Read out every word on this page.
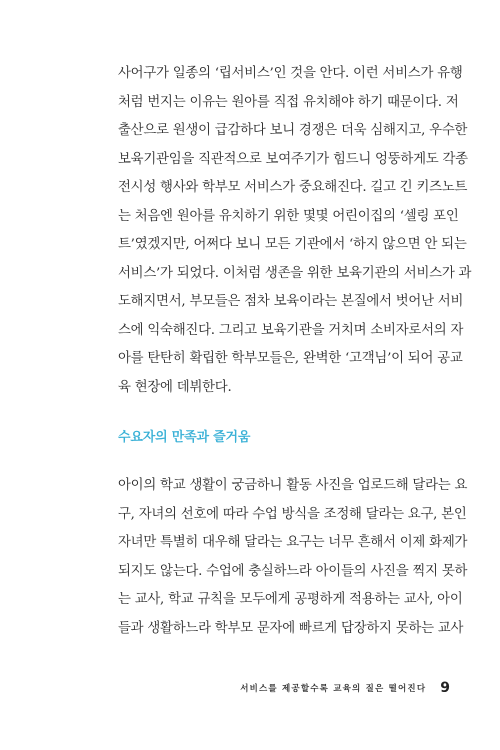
사어구가 일종의 ‘립서비스’인 것을 안다. 이런 서비스가 유행
처럼 번지는 이유는 원아를 직접 유치해야 하기 때문이다. 저
출산으로 원생이 급감하다 보니 경쟁은 더욱 심해지고, 우수한
보육기관임을 직관적으로 보여주기가 힘드니 엉뚱하게도 각종
전시성 행사와 학부모 서비스가 중요해진다. 길고 긴 키즈노트
는 처음엔 원아를 유치하기 위한 몇몇 어린이집의 ‘셀링 포인
트’였겠지만, 어쩌다 보니 모든 기관에서 ‘하지 않으면 안 되는
서비스’가 되었다. 이처럼 생존을 위한 보육기관의 서비스가 과
도해지면서, 부모들은 점차 보육이라는 본질에서 벗어난 서비
스에 익숙해진다. 그리고 보육기관을 거치며 소비자로서의 자
아를 탄탄히 확립한 학부모들은, 완벽한 ‘고객님’이 되어 공교
육 현장에 데뷔한다.
수요자의 만족과 즐거움
아이의 학교 생활이 궁금하니 활동 사진을 업로드해 달라는 요
구, 자녀의 선호에 따라 수업 방식을 조정해 달라는 요구, 본인
자녀만 특별히 대우해 달라는 요구는 너무 흔해서 이제 화제가
되지도 않는다. 수업에 충실하느라 아이들의 사진을 찍지 못하
는 교사, 학교 규칙을 모두에게 공평하게 적용하는 교사, 아이
들과 생활하느라 학부모 문자에 빠르게 답장하지 못하는 교사
서비스를 제공할수록 교육의 질은 떨어진다 9
